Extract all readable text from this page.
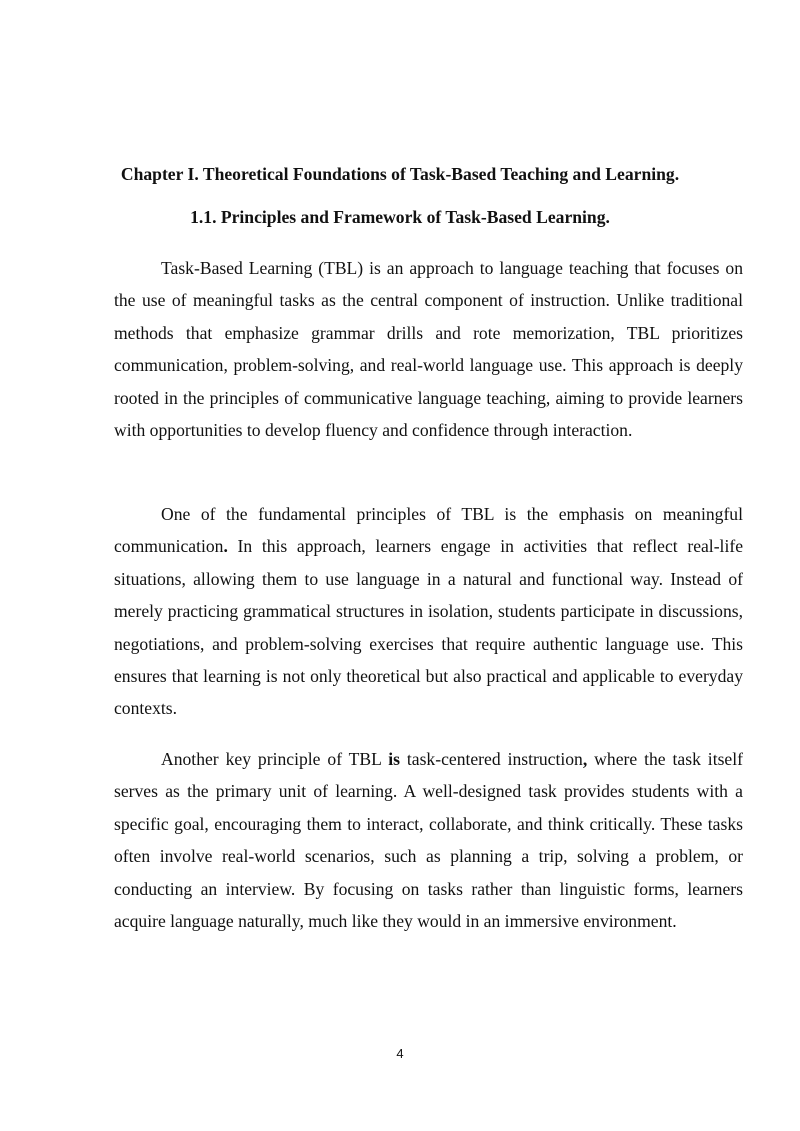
Chapter I. Theoretical Foundations of Task-Based Teaching and Learning.
1.1. Principles and Framework of Task-Based Learning.

Task-Based Learning (TBL) is an approach to language teaching that focuses on the use of meaningful tasks as the central component of instruction. Unlike traditional methods that emphasize grammar drills and rote memorization, TBL prioritizes communication, problem-solving, and real-world language use. This approach is deeply rooted in the principles of communicative language teaching, aiming to provide learners with opportunities to develop fluency and confidence through interaction.

One of the fundamental principles of TBL is the emphasis on meaningful communication. In this approach, learners engage in activities that reflect real-life situations, allowing them to use language in a natural and functional way. Instead of merely practicing grammatical structures in isolation, students participate in discussions, negotiations, and problem-solving exercises that require authentic language use. This ensures that learning is not only theoretical but also practical and applicable to everyday contexts.

Another key principle of TBL is task-centered instruction, where the task itself serves as the primary unit of learning. A well-designed task provides students with a specific goal, encouraging them to interact, collaborate, and think critically. These tasks often involve real-world scenarios, such as planning a trip, solving a problem, or conducting an interview. By focusing on tasks rather than linguistic forms, learners acquire language naturally, much like they would in an immersive environment.

4
